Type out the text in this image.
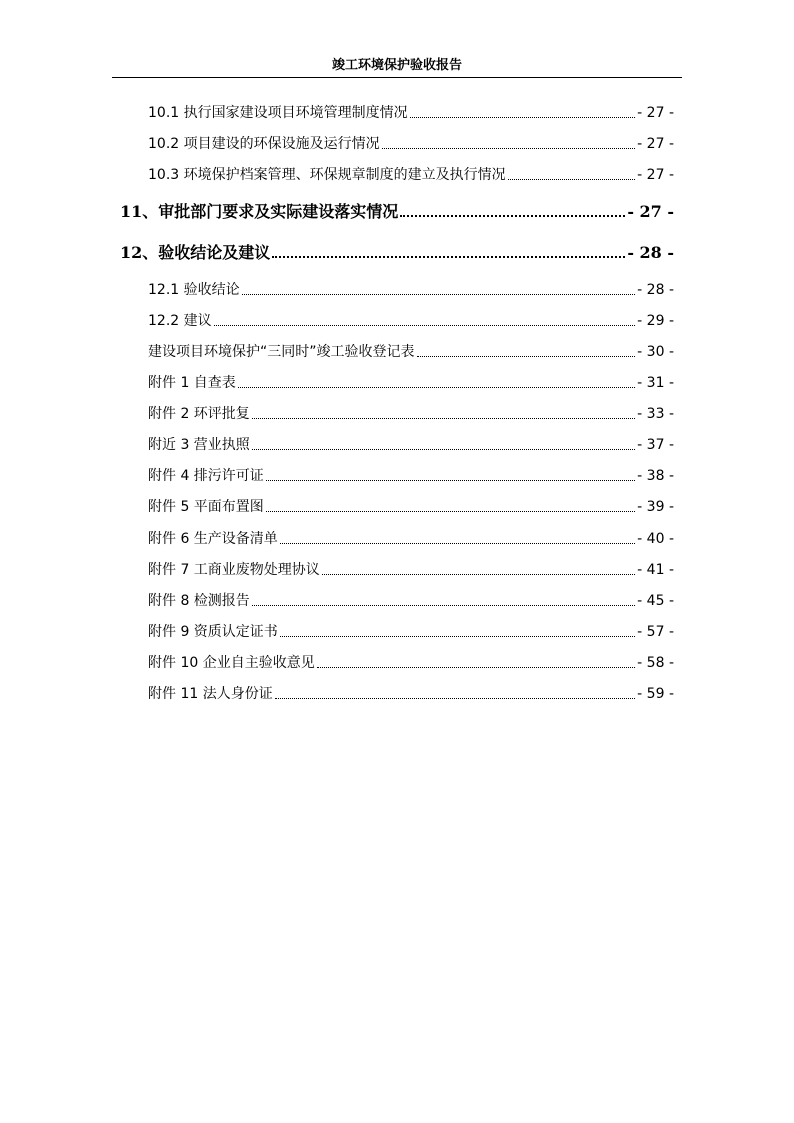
竣工环境保护验收报告
10.1 执行国家建设项目环境管理制度情况	- 27 -
10.2 项目建设的环保设施及运行情况	- 27 -
10.3 环境保护档案管理、环保规章制度的建立及执行情况	- 27 -
11、审批部门要求及实际建设落实情况	- 27 -
12、验收结论及建议	- 28 -
12.1 验收结论	- 28 -
12.2 建议	- 29 -
建设项目环境保护“三同时”竣工验收登记表	- 30 -
附件 1 自查表	- 31 -
附件 2 环评批复	- 33 -
附近 3 营业执照	- 37 -
附件 4 排污许可证	- 38 -
附件 5 平面布置图	- 39 -
附件 6 生产设备清单	- 40 -
附件 7 工商业废物处理协议	- 41 -
附件 8 检测报告	- 45 -
附件 9 资质认定证书	- 57 -
附件 10 企业自主验收意见	- 58 -
附件 11 法人身份证	- 59 -
